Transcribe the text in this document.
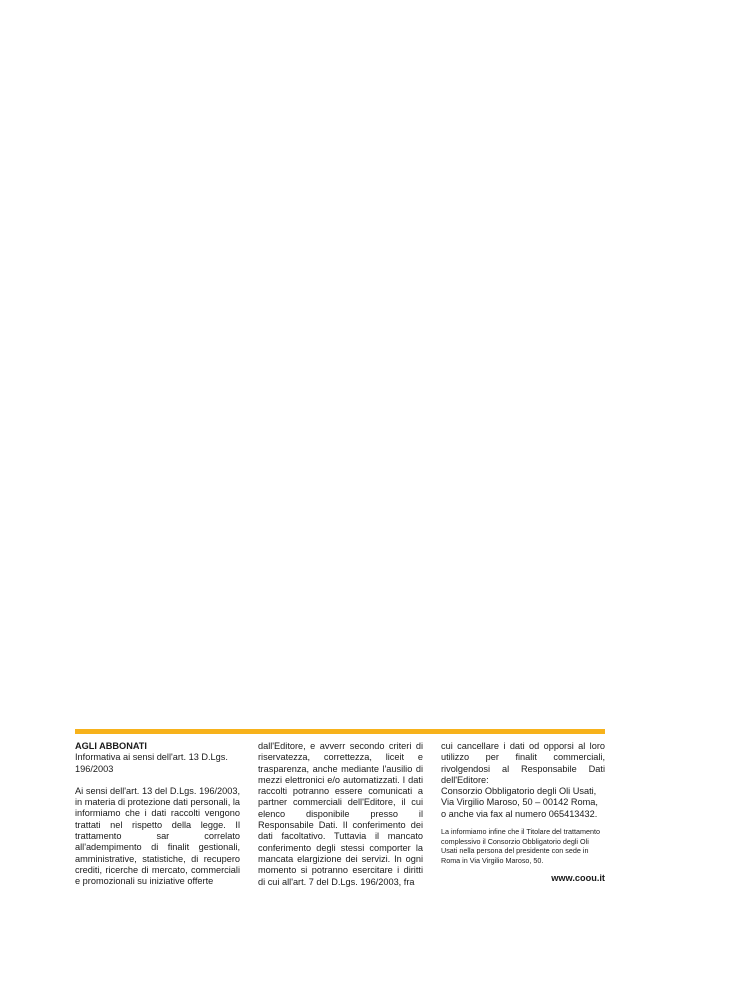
AGLI ABBONATI
Informativa ai sensi dell'art. 13 D.Lgs. 196/2003
Ai sensi dell'art. 13 del D.Lgs. 196/2003, in materia di protezione dati personali, la informiamo che i dati raccolti vengono trattati nel rispetto della legge. Il trattamento sar correlato all'adempimento di finalit gestionali, amministrative, statistiche, di recupero crediti, ricerche di mercato, commerciali e promozionali su iniziative offerte
dall'Editore, e avverr secondo criteri di riservatezza, correttezza, liceit e trasparenza, anche mediante l'ausilio di mezzi elettronici e/o automatizzati. I dati raccolti potranno essere comunicati a partner commerciali dell'Editore, il cui elenco disponibile presso il Responsabile Dati. Il conferimento dei dati facoltativo. Tuttavia il mancato conferimento degli stessi comporter la mancata elargizione dei servizi. In ogni momento si potranno esercitare i diritti di cui all'art. 7 del D.Lgs. 196/2003, fra
cui cancellare i dati od opporsi al loro utilizzo per finalit commerciali, rivolgendosi al Responsabile Dati dell'Editore:
Consorzio Obbligatorio degli Oli Usati,
Via Virgilio Maroso, 50 – 00142 Roma,
o anche via fax al numero 065413432.
La informiamo infine che il Titolare del trattamento complessivo il Consorzio Obbligatorio degli Oli Usati nella persona del presidente con sede in Roma in Via Virgilio Maroso, 50.
www.coou.it
